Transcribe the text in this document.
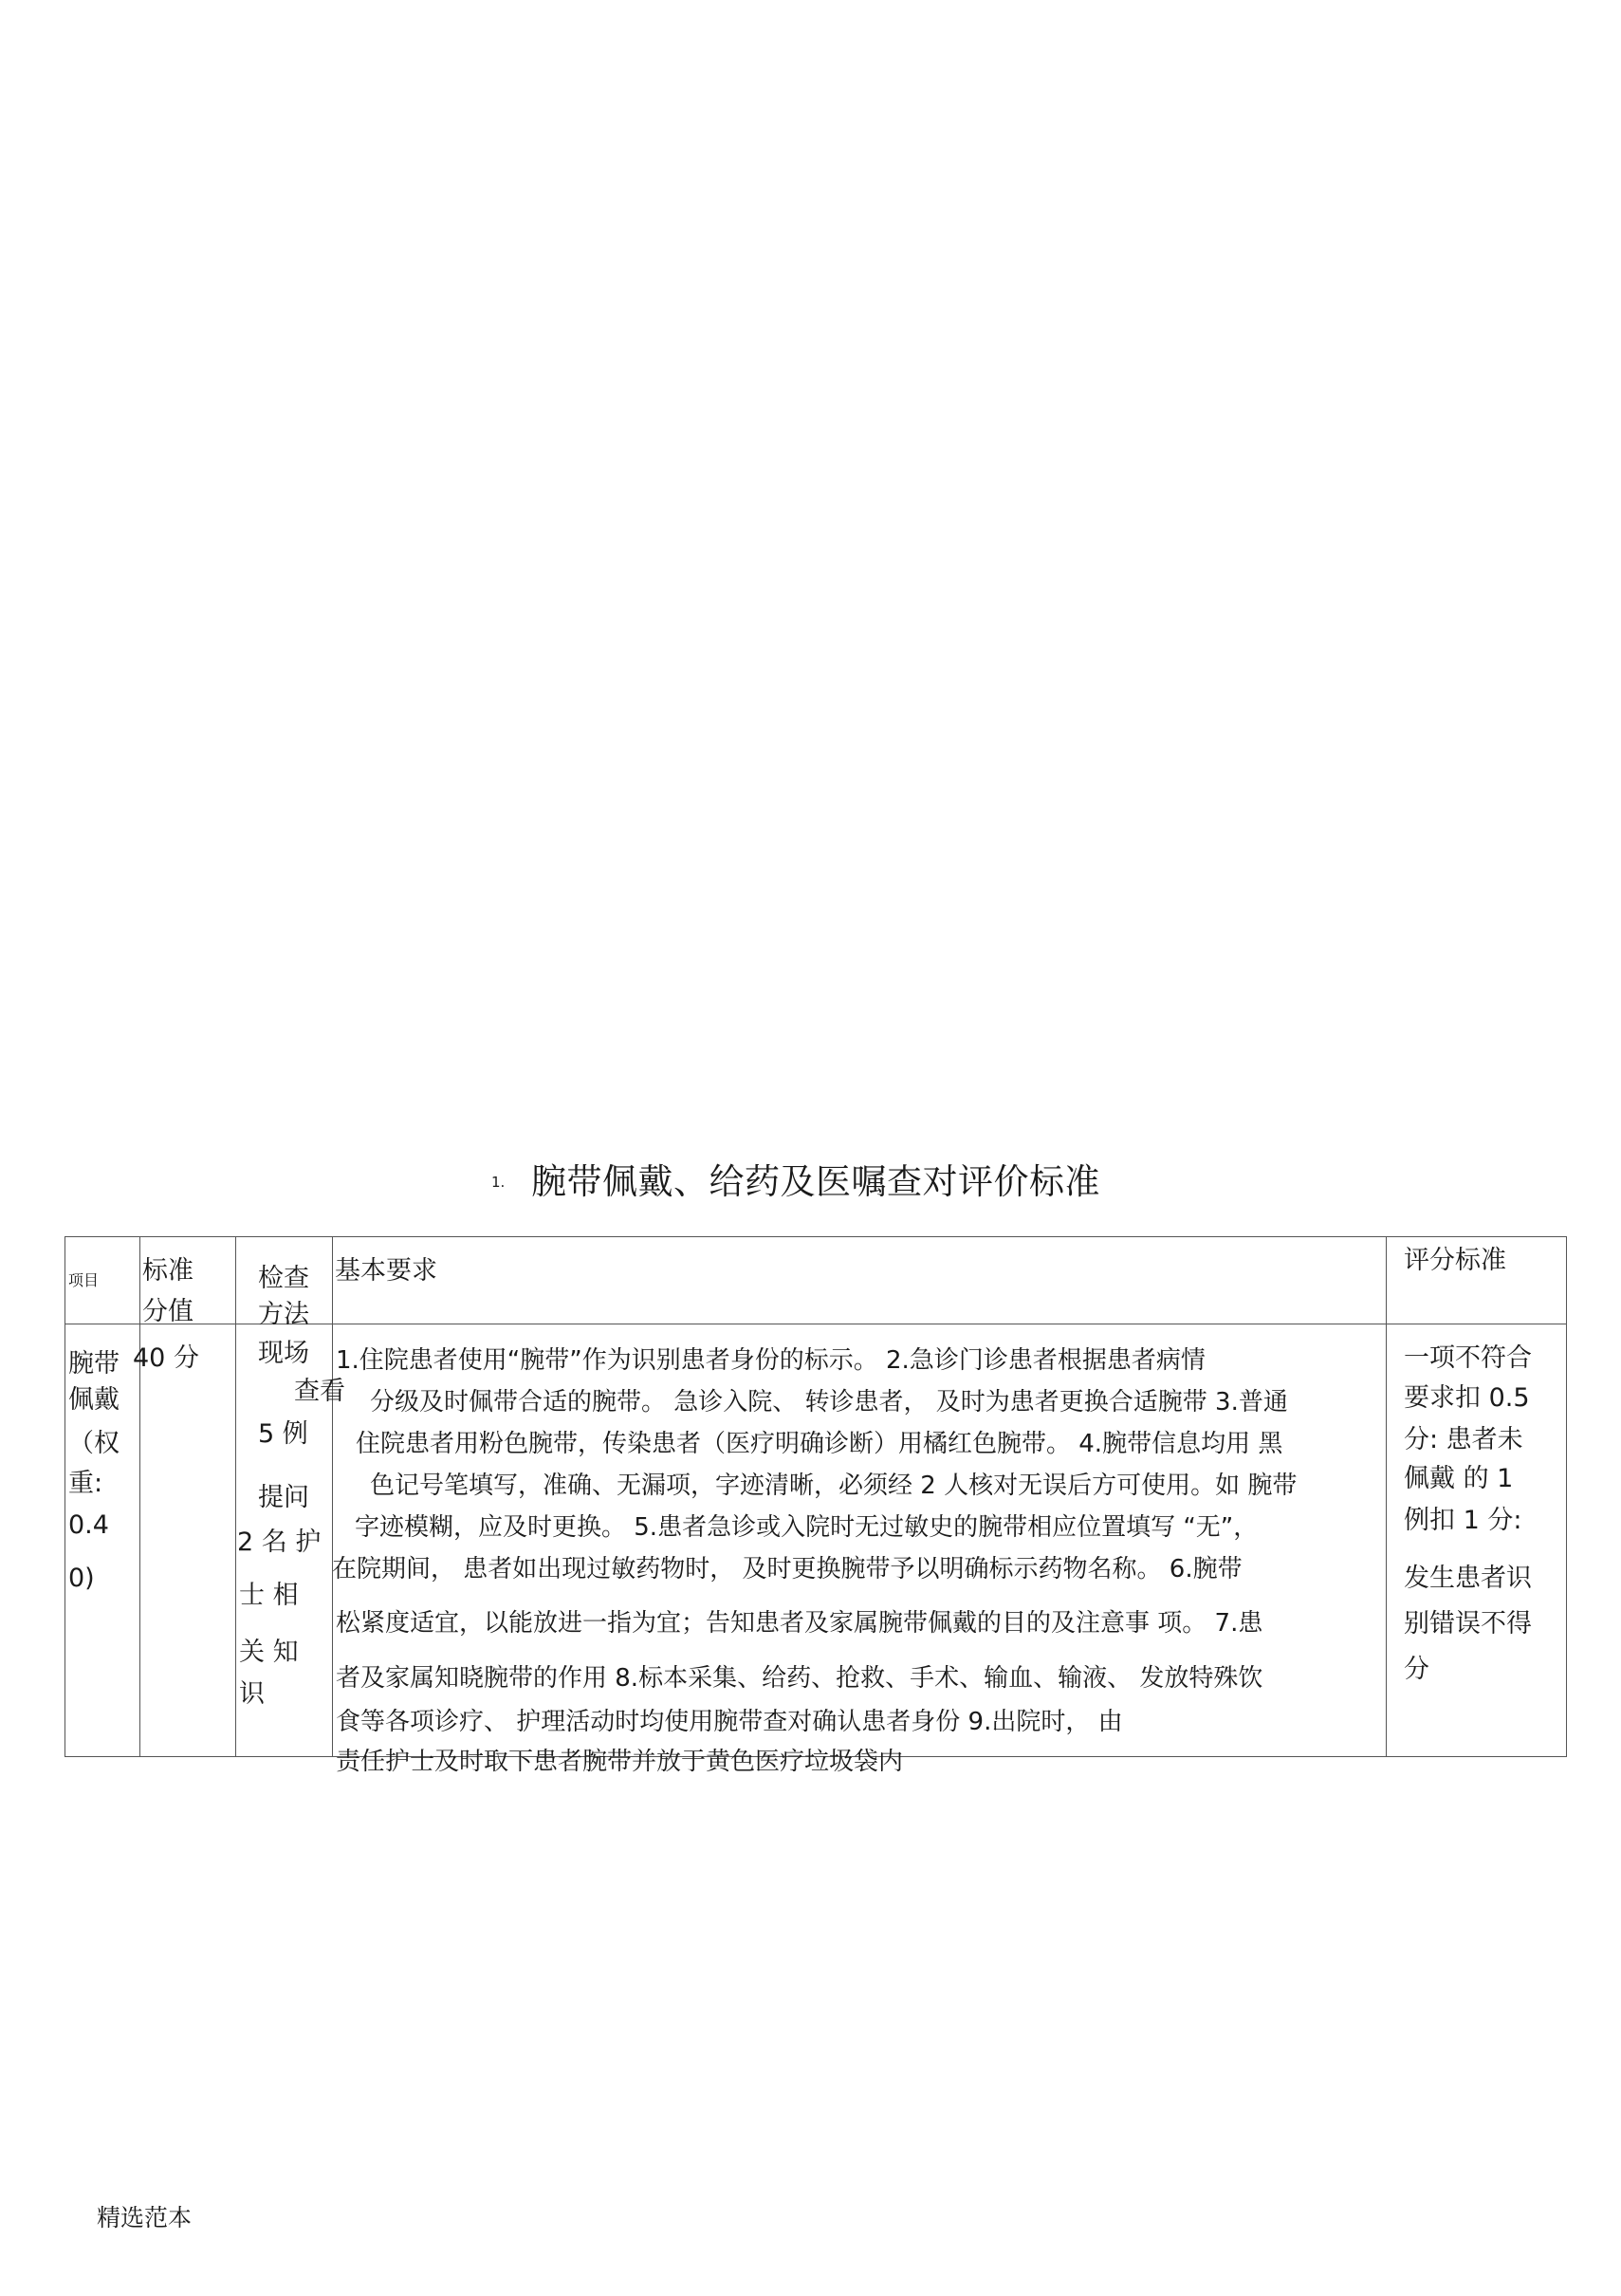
1. 腕带佩戴、给药及医嘱查对评价标准
项目 标准
分值
检查
方法
基本要求	评分标准
腕带
佩戴
（权
重:
0.4
0)
40 分 现场
查看
5 例
提问
2 名 护
士 相
关 知
识
1.住院患者使用“腕带”作为识别患者身份的标示。 2.急诊门诊患者根据患者病情
分级及时佩带合适的腕带。 急诊入院、 转诊患者， 及时为患者更换合适腕带 3.普通
住院患者用粉色腕带，传染患者（医疗明确诊断）用橘红色腕带。 4.腕带信息均用 黑
色记号笔填写，准确、无漏项，字迹清晰，必须经 2 人核对无误后方可使用。如 腕带
字迹模糊，应及时更换。 5.患者急诊或入院时无过敏史的腕带相应位置填写 “无”，
在院期间， 患者如出现过敏药物时， 及时更换腕带予以明确标示药物名称。 6.腕带
松紧度适宜，以能放进一指为宜；告知患者及家属腕带佩戴的目的及注意事 项。 7.患
者及家属知晓腕带的作用 8.标本采集、给药、抢救、手术、输血、输液、 发放特殊饮
食等各项诊疗、 护理活动时均使用腕带查对确认患者身份 9.出院时， 由
责任护士及时取下患者腕带并放于黄色医疗垃圾袋内
一项不符合
要求扣 0.5
分: 患者未
佩戴 的 1
例扣 1 分:
发生患者识
别错误不得
分
精选范本
